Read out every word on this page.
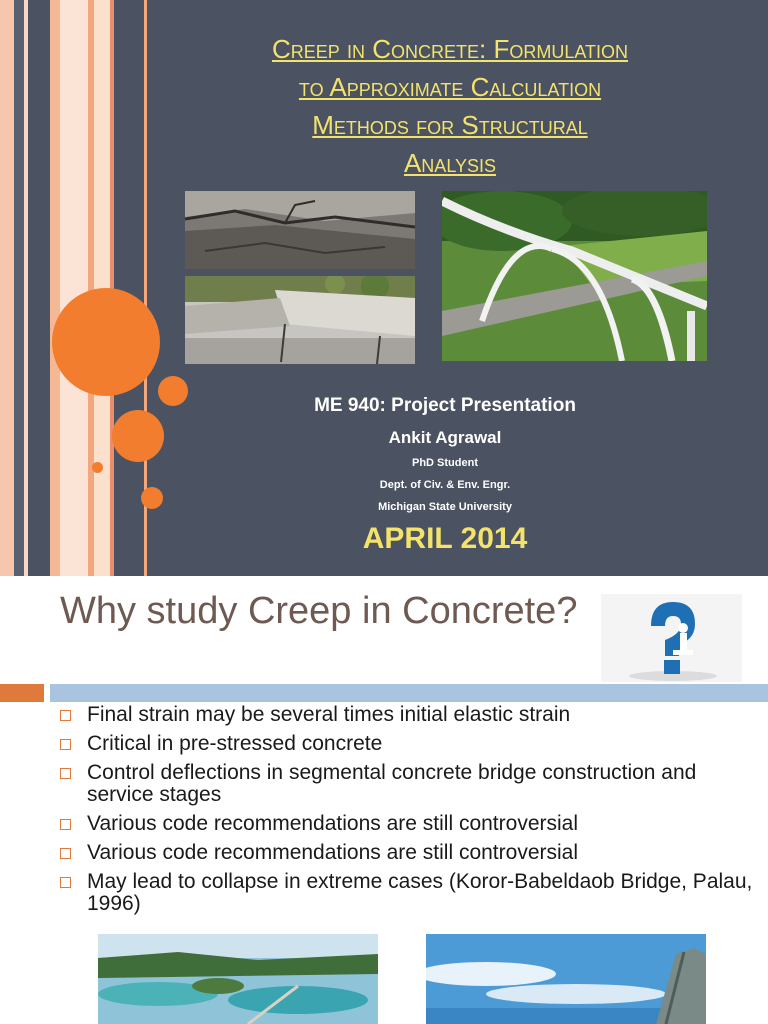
Creep in Concrete: Formulation
to Approximate Calculation
Methods for Structural
Analysis
ME 940: Project Presentation
Ankit Agrawal
PhD Student
Dept. of Civ. & Env. Engr.
Michigan State University
APRIL 2014
Why study Creep in Concrete?
Final strain may be several times initial elastic strain
Critical in pre-stressed concrete
Control deflections in segmental concrete bridge construction and service stages
Various code recommendations are still controversial
Various code recommendations are still controversial
May lead to collapse in extreme cases (Koror-Babeldaob Bridge, Palau, 1996)
